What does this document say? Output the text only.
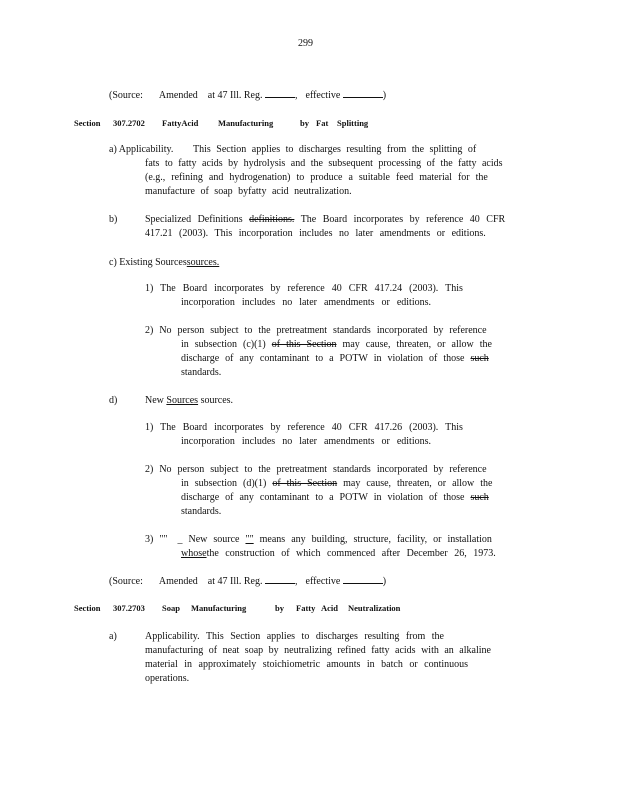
299
(Source: Amended at 47 Ill. Reg.	, effective	)
Section 307.2702 FattyAcid Manufacturing	by Fat Splitting
a) Applicability. This Section applies to discharges resulting from the splitting of
fats to fatty acids by hydrolysis and the subsequent processing of the fatty acids
(e.g., refining and hydrogenation) to produce a suitable feed material for the
manufacture of soap byfatty acid neutralization.
b)	Specialized Definitions definitions. The Board incorporates by reference 40 CFR
417.21 (2003). This incorporation includes no later amendments or editions.
c) Existing Sourcessources.
1) The Board incorporates by reference 40 CFR 417.24 (2003). This
incorporation includes no later amendments or editions.
2) No person subject to the pretreatment standards incorporated by reference
in subsection (c)(1) of this Section may cause, threaten, or allow the
discharge of any contaminant to a POTW in violation of those such
standards.
d)	New Sources sources.
1) The Board incorporates by reference 40 CFR 417.26 (2003). This
incorporation includes no later amendments or editions.
2) No person subject to the pretreatment standards incorporated by reference
in subsection (d)(1) of this Section may cause, threaten, or allow the
discharge of any contaminant to a POTW in violation of those such
standards.
3) "" _ New source "" means any building, structure, facility, or installation
whosethe construction of which commenced after December 26, 1973.
(Source: Amended at 47 Ill. Reg.	, effective	)
Section 307.2703 Soap Manufacturing	by Fatty Acid Neutralization
a)	Applicability. This Section applies to discharges resulting from the
manufacturing of neat soap by neutralizing refined fatty acids with an alkaline
material in approximately stoichiometric amounts in batch or continuous
operations.
